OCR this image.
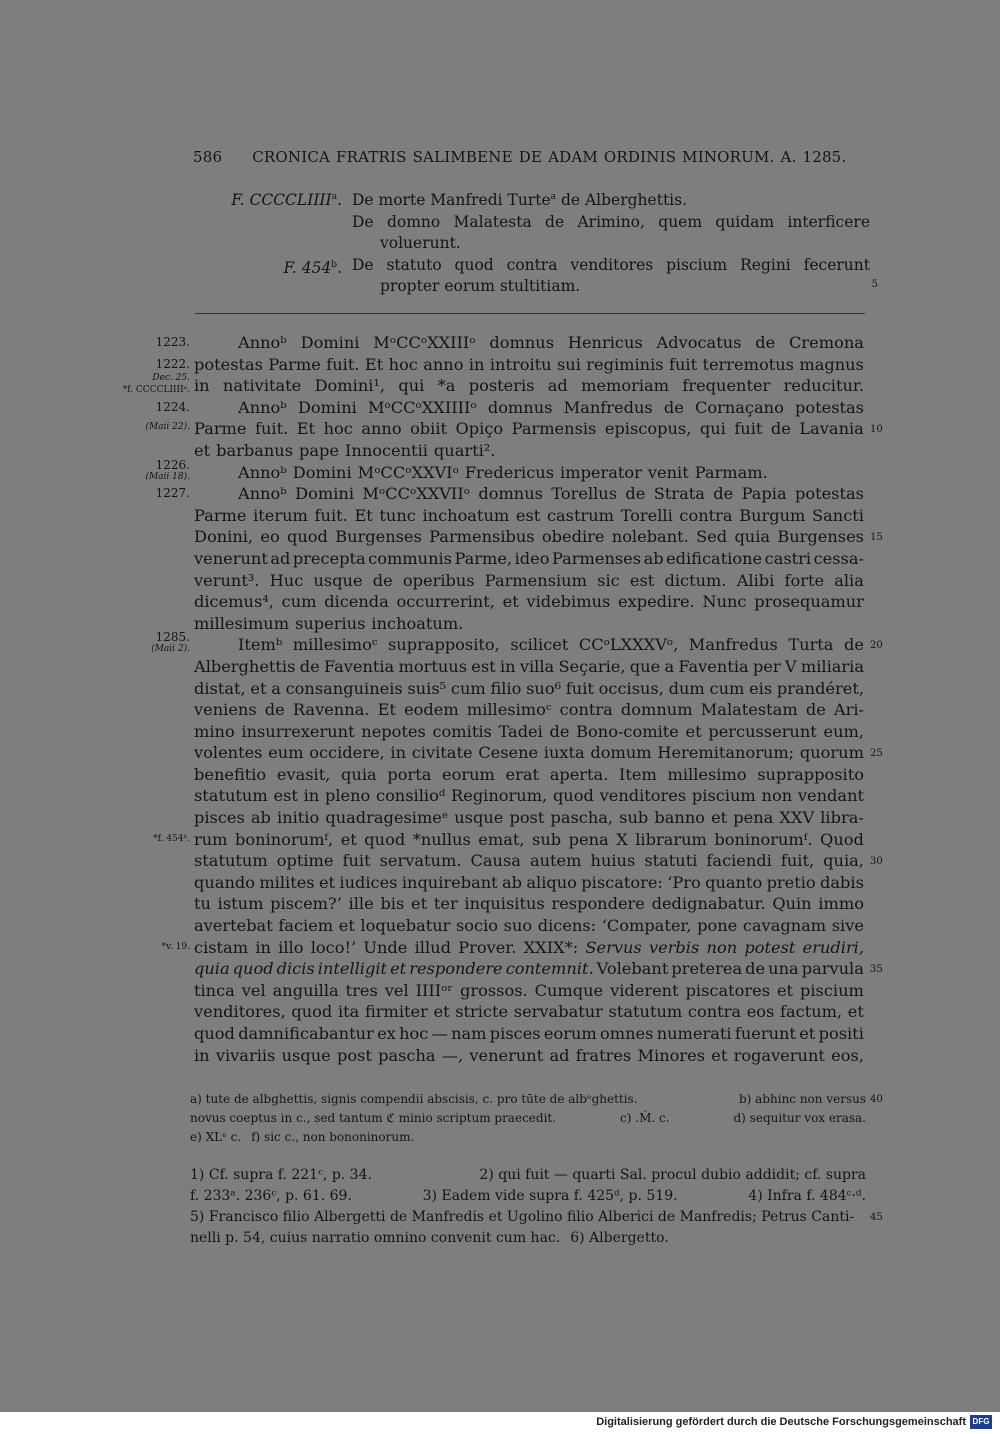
586 CRONICA FRATRIS SALIMBENE DE ADAM ORDINIS MINORUM. A. 1285.
F. CCCCLIIII$^a$. De morte Manfredi Turte$^a$ de Alberghettis.
De domno Malatesta de Arimino, quem quidam interficere voluerunt.
F. 454$^b$. De statuto quod contra venditores piscium Regini fecerunt propter eorum stultitiam.	5
Annoᵇ Domini MᵒCCᵒXXIIIᵒ domnus Henricus Advocatus de Cremona
1223.
potestas Parme fuit. Et hoc anno in introitu sui regiminis fuit terremotus magnus
1222.
in nativitate Domini¹, qui *a posteris ad memoriam frequenter reducitur.
Dec. 25.
*f. CCCCLIIIIᵃ.
Annoᵇ Domini MᵒCCᵒXXIIIIᵒ domnus Manfredus de Cornaçano potestas
1224.
Parme fuit. Et hoc anno obiit Opiço Parmensis episcopus, qui fuit de Lavania
(Maii 22).	10
et barbanus pape Innocentii quarti².
Annoᵇ Domini MᵒCCᵒXXVIᵒ Fredericus imperator venit Parmam.
1226.
(Maii 18).
Annoᵇ Domini MᵒCCᵒXXVIIᵒ domnus Torellus de Strata de Papia potestas
1227.
Parme iterum fuit. Et tunc inchoatum est castrum Torelli contra Burgum Sancti
Donini, eo quod Burgenses Parmensibus obedire nolebant. Sed quia Burgenses 15
venerunt ad precepta communis Parme, ideo Parmenses ab edificatione castri cessa-
verunt³. Huc usque de operibus Parmensium sic est dictum. Alibi forte alia
dicemus⁴, cum dicenda occurrerint, et videbimus expedire. Nunc prosequamur
millesimum superius inchoatum.
Itemᵇ millesimoᶜ suprapposito, scilicet CCᵒLXXXVᵒ, Manfredus Turta de
1285.
(Maii 2).	20
Alberghettis de Faventia mortuus est in villa Seçarie, que a Faventia per V miliaria
distat, et a consanguineis suis⁵ cum filio suo⁶ fuit occisus, dum cum eis prandéret,
veniens de Ravenna. Et eodem millesimoᶜ contra domnum Malatestam de Ari-
mino insurrexerunt nepotes comitis Tadei de Bono-comite et percusserunt eum,
volentes eum occidere, in civitate Cesene iuxta domum Heremitanorum; quorum 25
benefitio evasit, quia porta eorum erat aperta. Item millesimo suprapposito
statutum est in pleno consilioᵈ Reginorum, quod venditores piscium non vendant
pisces ab initio quadragesimeᵉ usque post pascha, sub banno et pena XXV libra-
rum boninorumᶠ, et quod *nullus emat, sub pena X librarum boninorumᶠ. Quod
*f. 454ᵇ.
statutum optime fuit servatum. Causa autem huius statuti faciendi fuit, quia, 30
quando milites et iudices inquirebant ab aliquo piscatore: ‘Pro quanto pretio dabis
tu istum piscem?’ ille bis et ter inquisitus respondere dedignabatur. Quin immo
avertebat faciem et loquebatur socio suo dicens: ‘Compater, pone cavagnam sive
cistam in illo loco!’ Unde illud Prover. XXIX*: Servus verbis non potest erudiri,
*v. 19.
quia quod dicis intelligit et respondere contemnit. Volebant preterea de una parvula 35
tinca vel anguilla tres vel IIIIᵒʳ grossos. Cumque viderent piscatores et piscium
venditores, quod ita firmiter et stricte servabatur statutum contra eos factum, et
quod damnificabantur ex hoc — nam pisces eorum omnes numerati fuerunt et positi
in vivariis usque post pascha —, venerunt ad fratres Minores et rogaverunt eos,
a) tute de albghettis, signis compendii abscisis, c. pro tūte de albᵉghettis.	b) abhinc non versus 40
novus coeptus in c., sed tantum ℭ minio scriptum praecedit.	c) .Ṁ. c.	d) sequitur vox erasa.
e) XLᵉ c. f) sic c., non bononinorum.
1) Cf. supra f. 221ᶜ, p. 34.	2) qui fuit — quarti Sal. procul dubio addidit; cf. supra
f. 233ᵃ. 236ᶜ, p. 61. 69.	3) Eadem vide supra f. 425ᵈ, p. 519.	4) Infra f. 484ᶜ·ᵈ.
5) Francisco filio Albergetti de Manfredis et Ugolino filio Alberici de Manfredis; Petrus Canti- 45
nelli p. 54, cuius narratio omnino convenit cum hac. 6) Albergetto.
Digitalisierung gefördert durch die Deutsche Forschungsgemeinschaft DFG
